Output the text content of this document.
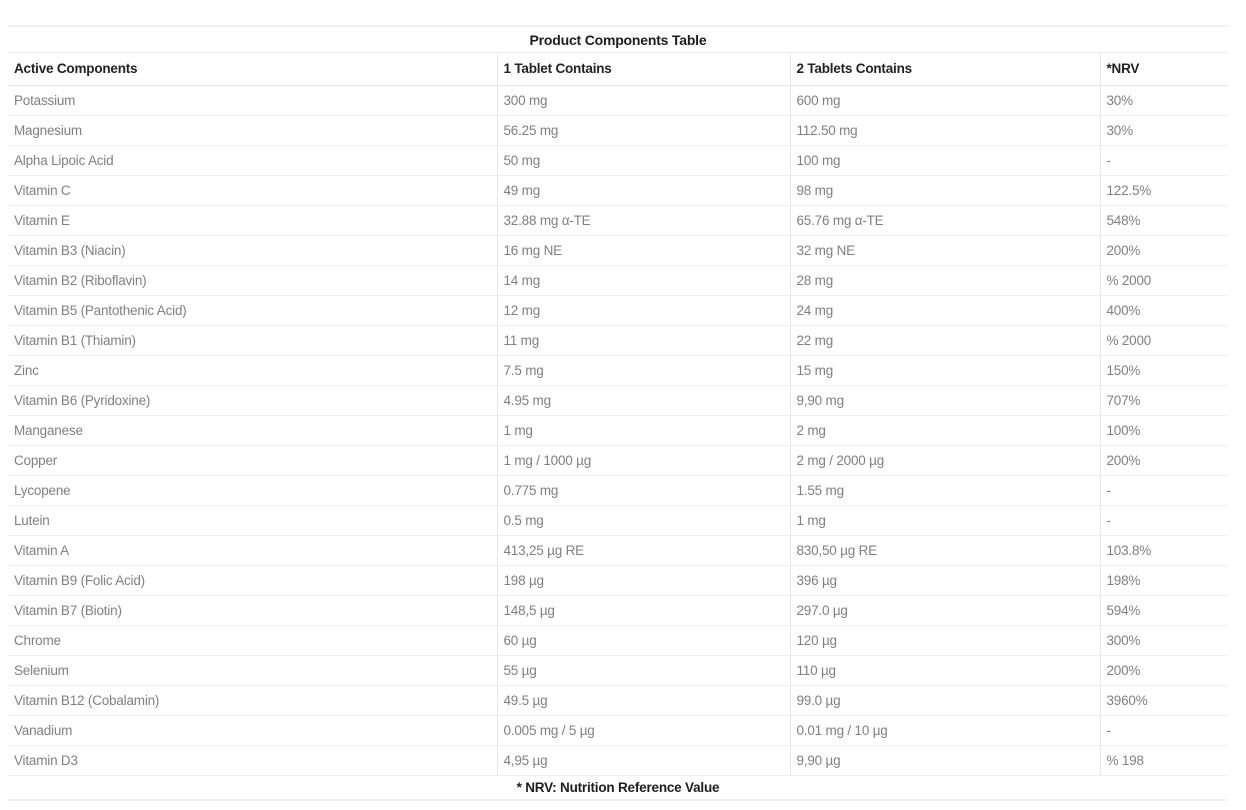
Product Components Table
Active Components	1 Tablet Contains	2 Tablets Contains	*NRV
Potassium	300 mg	600 mg	30%
Magnesium	56.25 mg	112.50 mg	30%
Alpha Lipoic Acid	50 mg	100 mg	-
Vitamin C	49 mg	98 mg	122.5%
Vitamin E	32.88 mg α-TE	65.76 mg α-TE	548%
Vitamin B3 (Niacin)	16 mg NE	32 mg NE	200%
Vitamin B2 (Riboflavin)	14 mg	28 mg	% 2000
Vitamin B5 (Pantothenic Acid)	12 mg	24 mg	400%
Vitamin B1 (Thiamin)	11 mg	22 mg	% 2000
Zinc	7.5 mg	15 mg	150%
Vitamin B6 (Pyridoxine)	4.95 mg	9,90 mg	707%
Manganese	1 mg	2 mg	100%
Copper	1 mg / 1000 µg	2 mg / 2000 µg	200%
Lycopene	0.775 mg	1.55 mg	-
Lutein	0.5 mg	1 mg	-
Vitamin A	413,25 µg RE	830,50 µg RE	103.8%
Vitamin B9 (Folic Acid)	198 µg	396 µg	198%
Vitamin B7 (Biotin)	148,5 µg	297.0 µg	594%
Chrome	60 µg	120 µg	300%
Selenium	55 µg	110 µg	200%
Vitamin B12 (Cobalamin)	49.5 µg	99.0 µg	3960%
Vanadium	0.005 mg / 5 µg	0.01 mg / 10 µg	-
Vitamin D3	4,95 µg	9,90 µg	% 198
* NRV: Nutrition Reference Value
